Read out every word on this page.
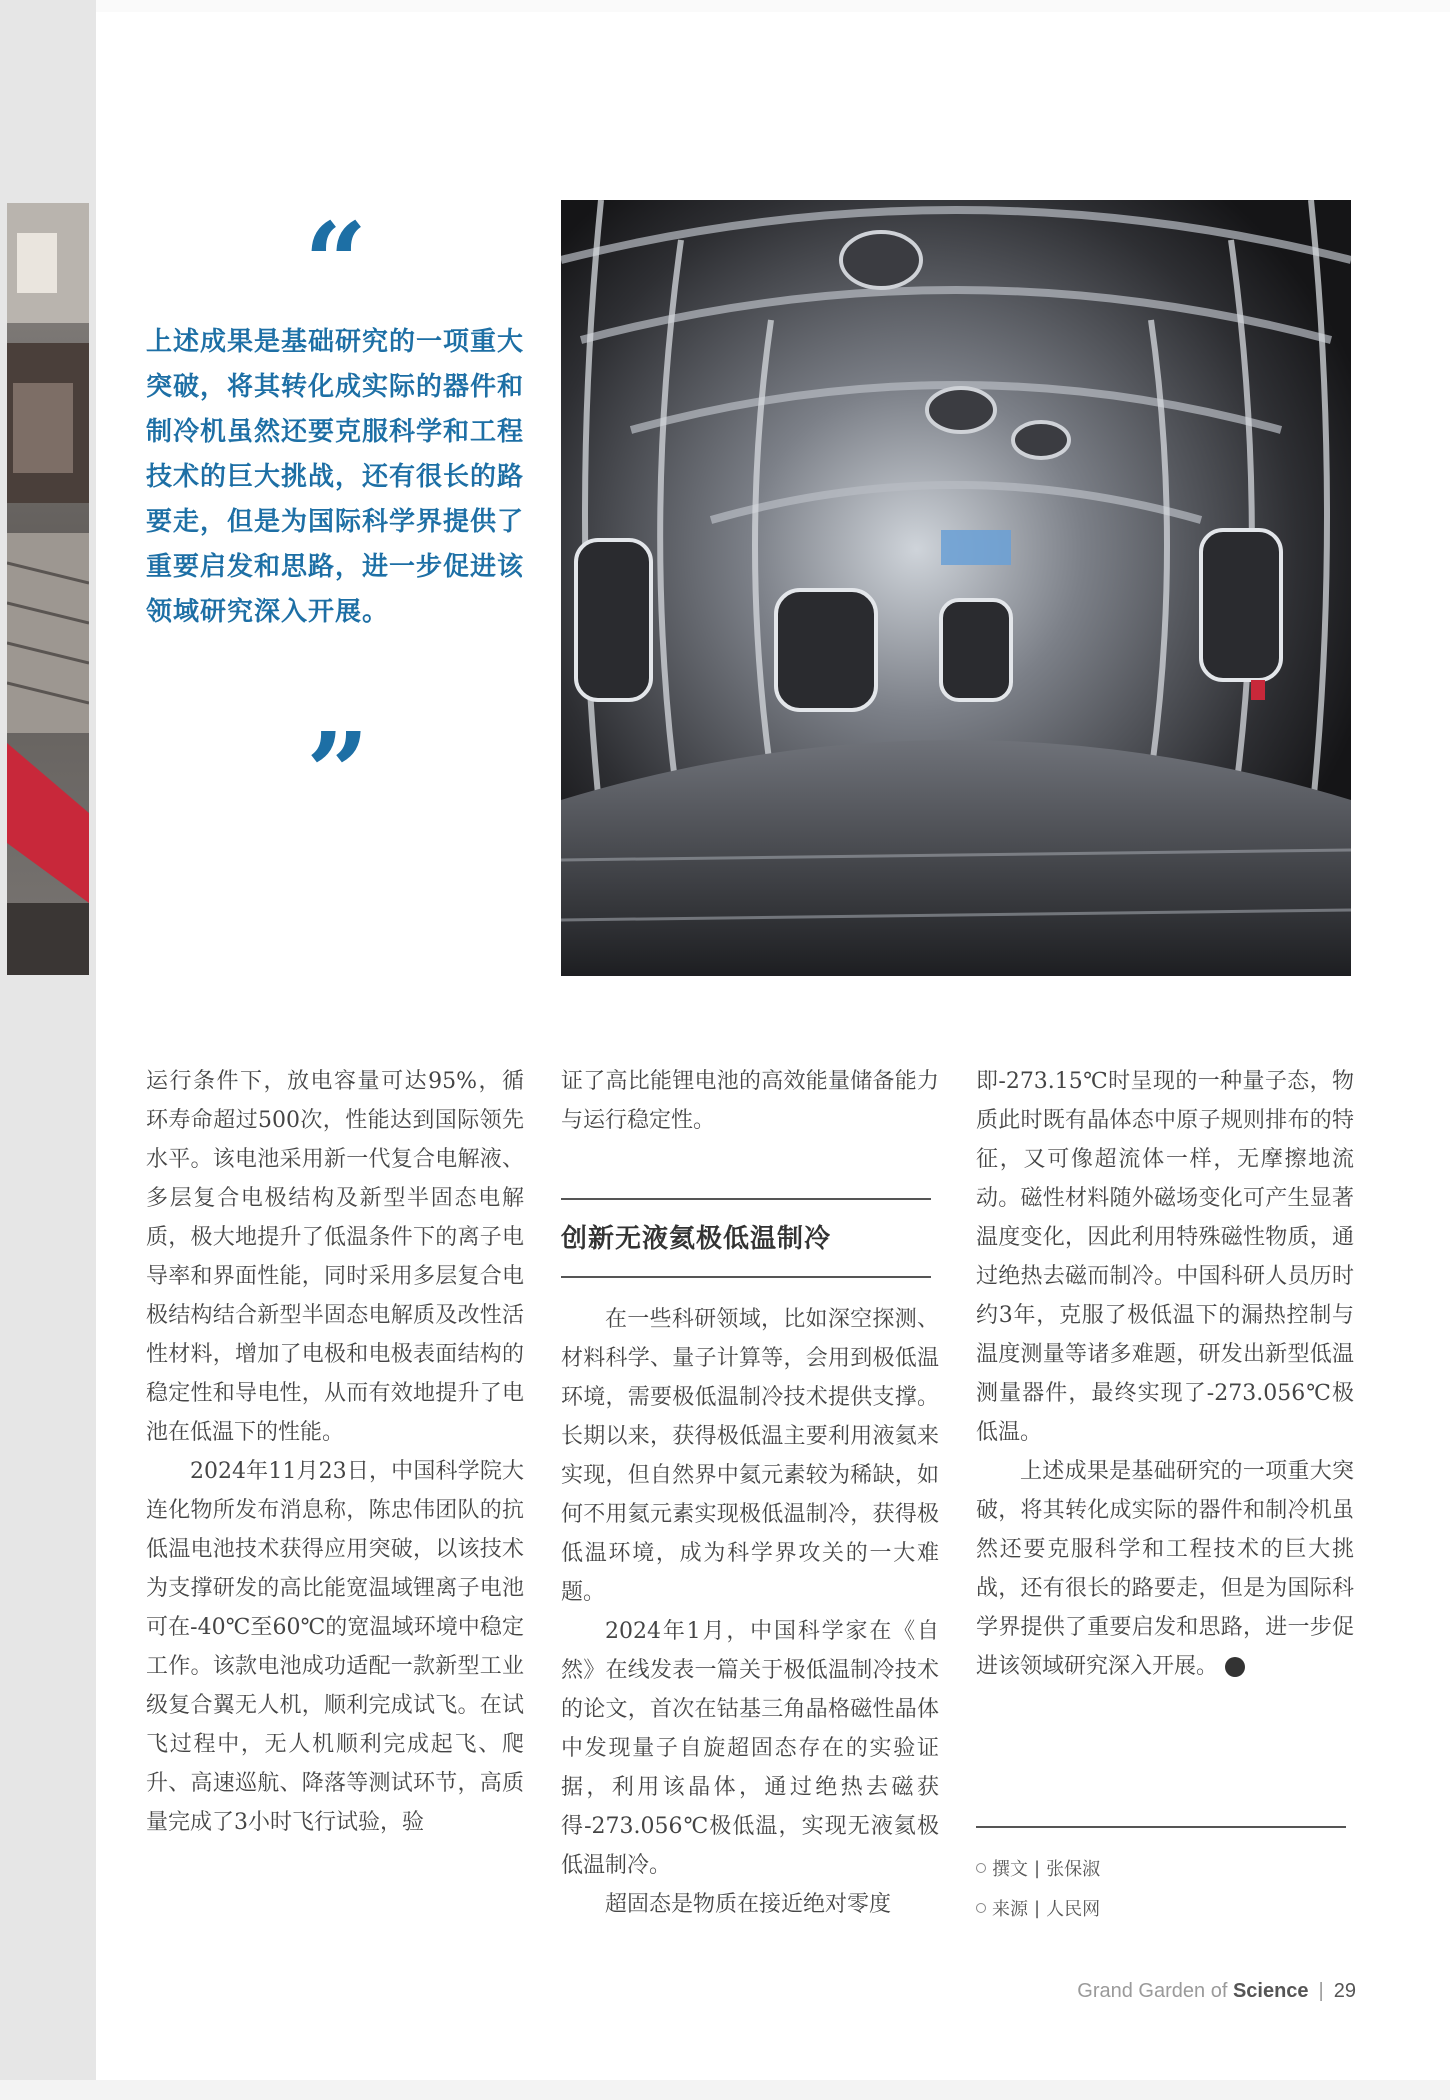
“
上述成果是基础研究的一项重大突破，将其转化成实际的器件和制冷机虽然还要克服科学和工程技术的巨大挑战，还有很长的路要走，但是为国际科学界提供了重要启发和思路，进一步促进该领域研究深入开展。
”

运行条件下，放电容量可达95%，循环寿命超过500次，性能达到国际领先水平。该电池采用新一代复合电解液、多层复合电极结构及新型半固态电解质，极大地提升了低温条件下的离子电导率和界面性能，同时采用多层复合电极结构结合新型半固态电解质及改性活性材料，增加了电极和电极表面结构的稳定性和导电性，从而有效地提升了电池在低温下的性能。

2024年11月23日，中国科学院大连化物所发布消息称，陈忠伟团队的抗低温电池技术获得应用突破，以该技术为支撑研发的高比能宽温域锂离子电池可在-40℃至60℃的宽温域环境中稳定工作。该款电池成功适配一款新型工业级复合翼无人机，顺利完成试飞。在试飞过程中，无人机顺利完成起飞、爬升、高速巡航、降落等测试环节，高质量完成了3小时飞行试验，验

证了高比能锂电池的高效能量储备能力与运行稳定性。

创新无液氦极低温制冷

在一些科研领域，比如深空探测、材料科学、量子计算等，会用到极低温环境，需要极低温制冷技术提供支撑。长期以来，获得极低温主要利用液氦来实现，但自然界中氦元素较为稀缺，如何不用氦元素实现极低温制冷，获得极低温环境，成为科学界攻关的一大难题。

2024年1月，中国科学家在《自然》在线发表一篇关于极低温制冷技术的论文，首次在钴基三角晶格磁性晶体中发现量子自旋超固态存在的实验证据，利用该晶体，通过绝热去磁获得-273.056℃极低温，实现无液氦极低温制冷。

超固态是物质在接近绝对零度

即-273.15℃时呈现的一种量子态，物质此时既有晶体态中原子规则排布的特征，又可像超流体一样，无摩擦地流动。磁性材料随外磁场变化可产生显著温度变化，因此利用特殊磁性物质，通过绝热去磁而制冷。中国科研人员历时约3年，克服了极低温下的漏热控制与温度测量等诸多难题，研发出新型低温测量器件，最终实现了-273.056℃极低温。

上述成果是基础研究的一项重大突破，将其转化成实际的器件和制冷机虽然还要克服科学和工程技术的巨大挑战，还有很长的路要走，但是为国际科学界提供了重要启发和思路，进一步促进该领域研究深入开展。	S

撰文 | 张保淑
来源 | 人民网
Grand Garden of Science | 29
